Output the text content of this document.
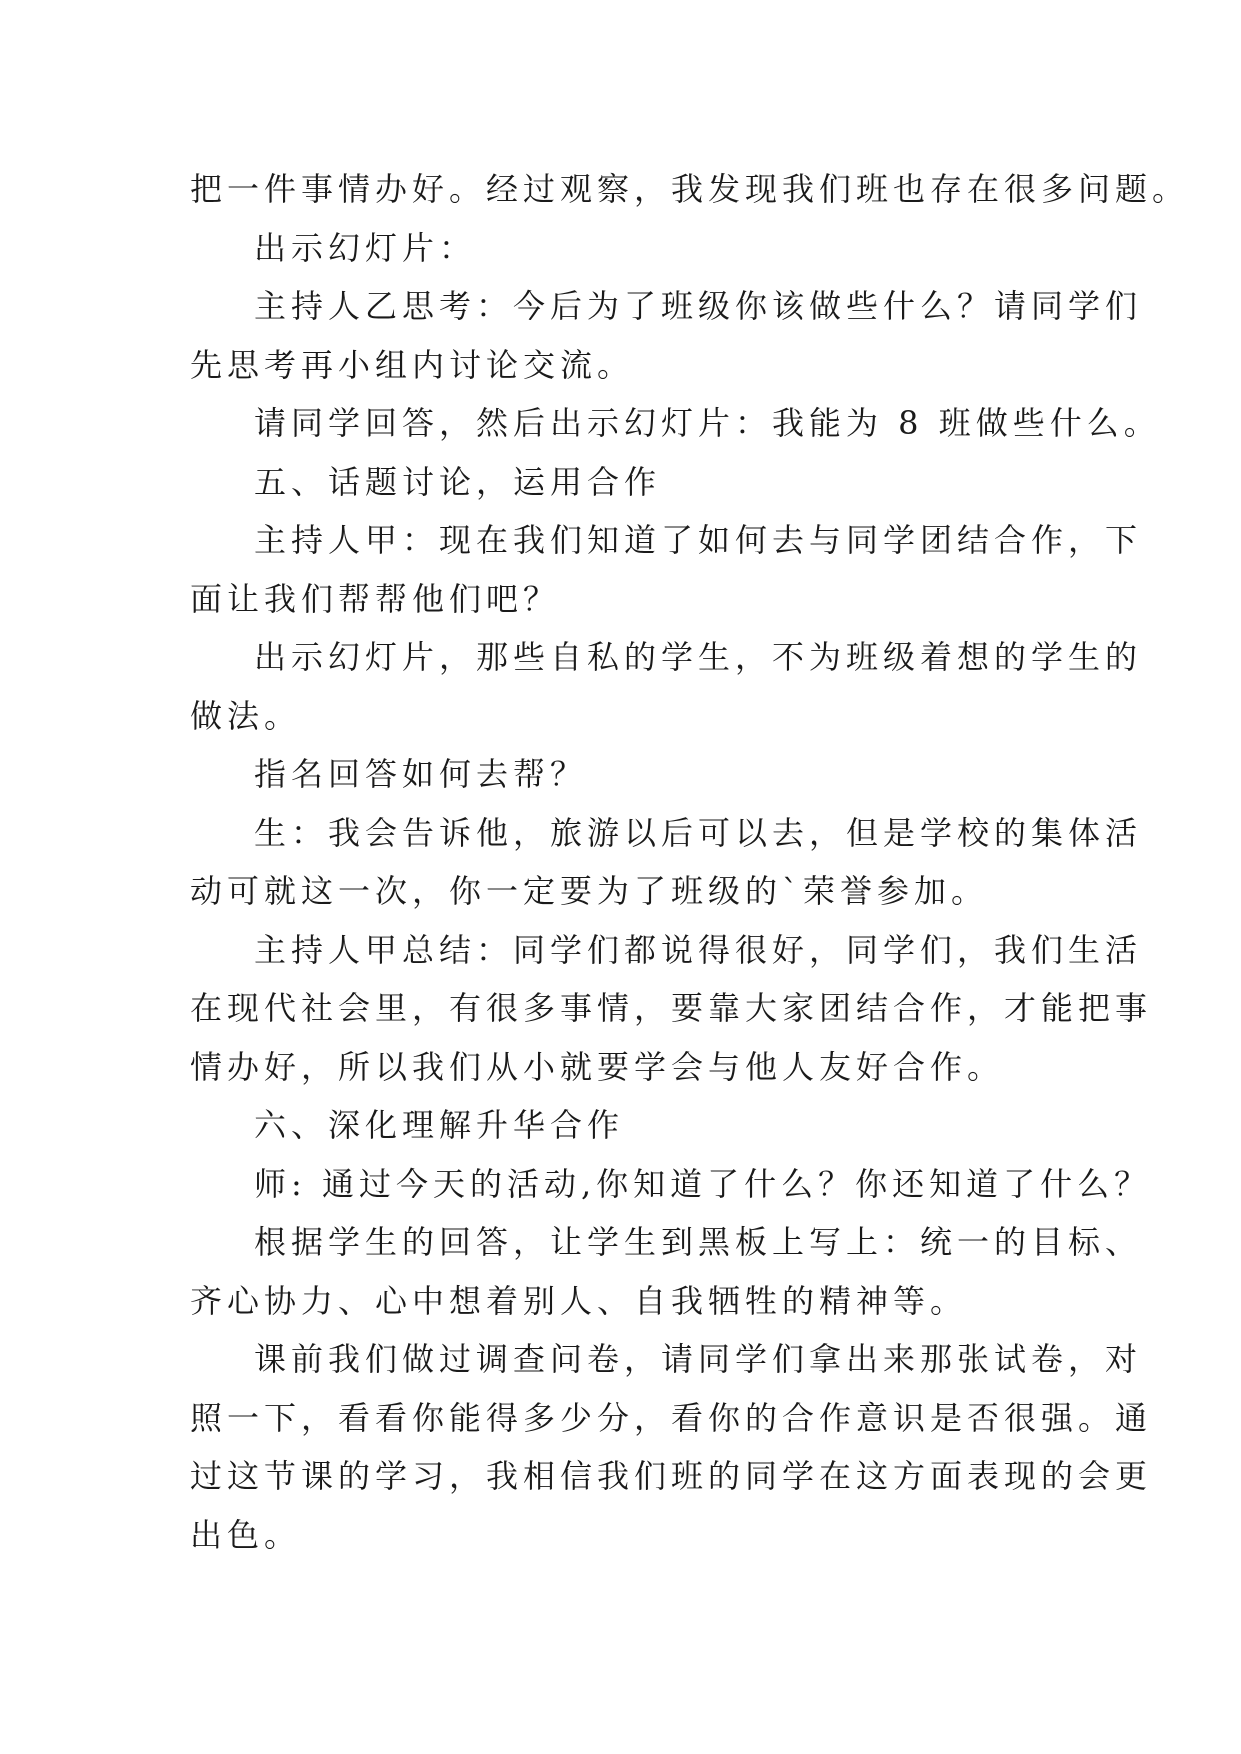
把一件事情办好。经过观察，我发现我们班也存在很多问题。
出示幻灯片：
主持人乙思考：今后为了班级你该做些什么？请同学们
先思考再小组内讨论交流。
请同学回答，然后出示幻灯片：我能为 8 班做些什么。
五、话题讨论，运用合作
主持人甲：现在我们知道了如何去与同学团结合作，下
面让我们帮帮他们吧？
出示幻灯片，那些自私的学生，不为班级着想的学生的
做法。
指名回答如何去帮？
生：我会告诉他，旅游以后可以去，但是学校的集体活
动可就这一次，你一定要为了班级的`荣誉参加。
主持人甲总结：同学们都说得很好，同学们，我们生活
在现代社会里，有很多事情，要靠大家团结合作，才能把事
情办好，所以我们从小就要学会与他人友好合作。
六、深化理解升华合作
师: 通过今天的活动,你知道了什么？你还知道了什么？
根据学生的回答，让学生到黑板上写上：统一的目标、
齐心协力、心中想着别人、自我牺牲的精神等。
课前我们做过调查问卷，请同学们拿出来那张试卷，对
照一下，看看你能得多少分，看你的合作意识是否很强。通
过这节课的学习，我相信我们班的同学在这方面表现的会更
出色。
